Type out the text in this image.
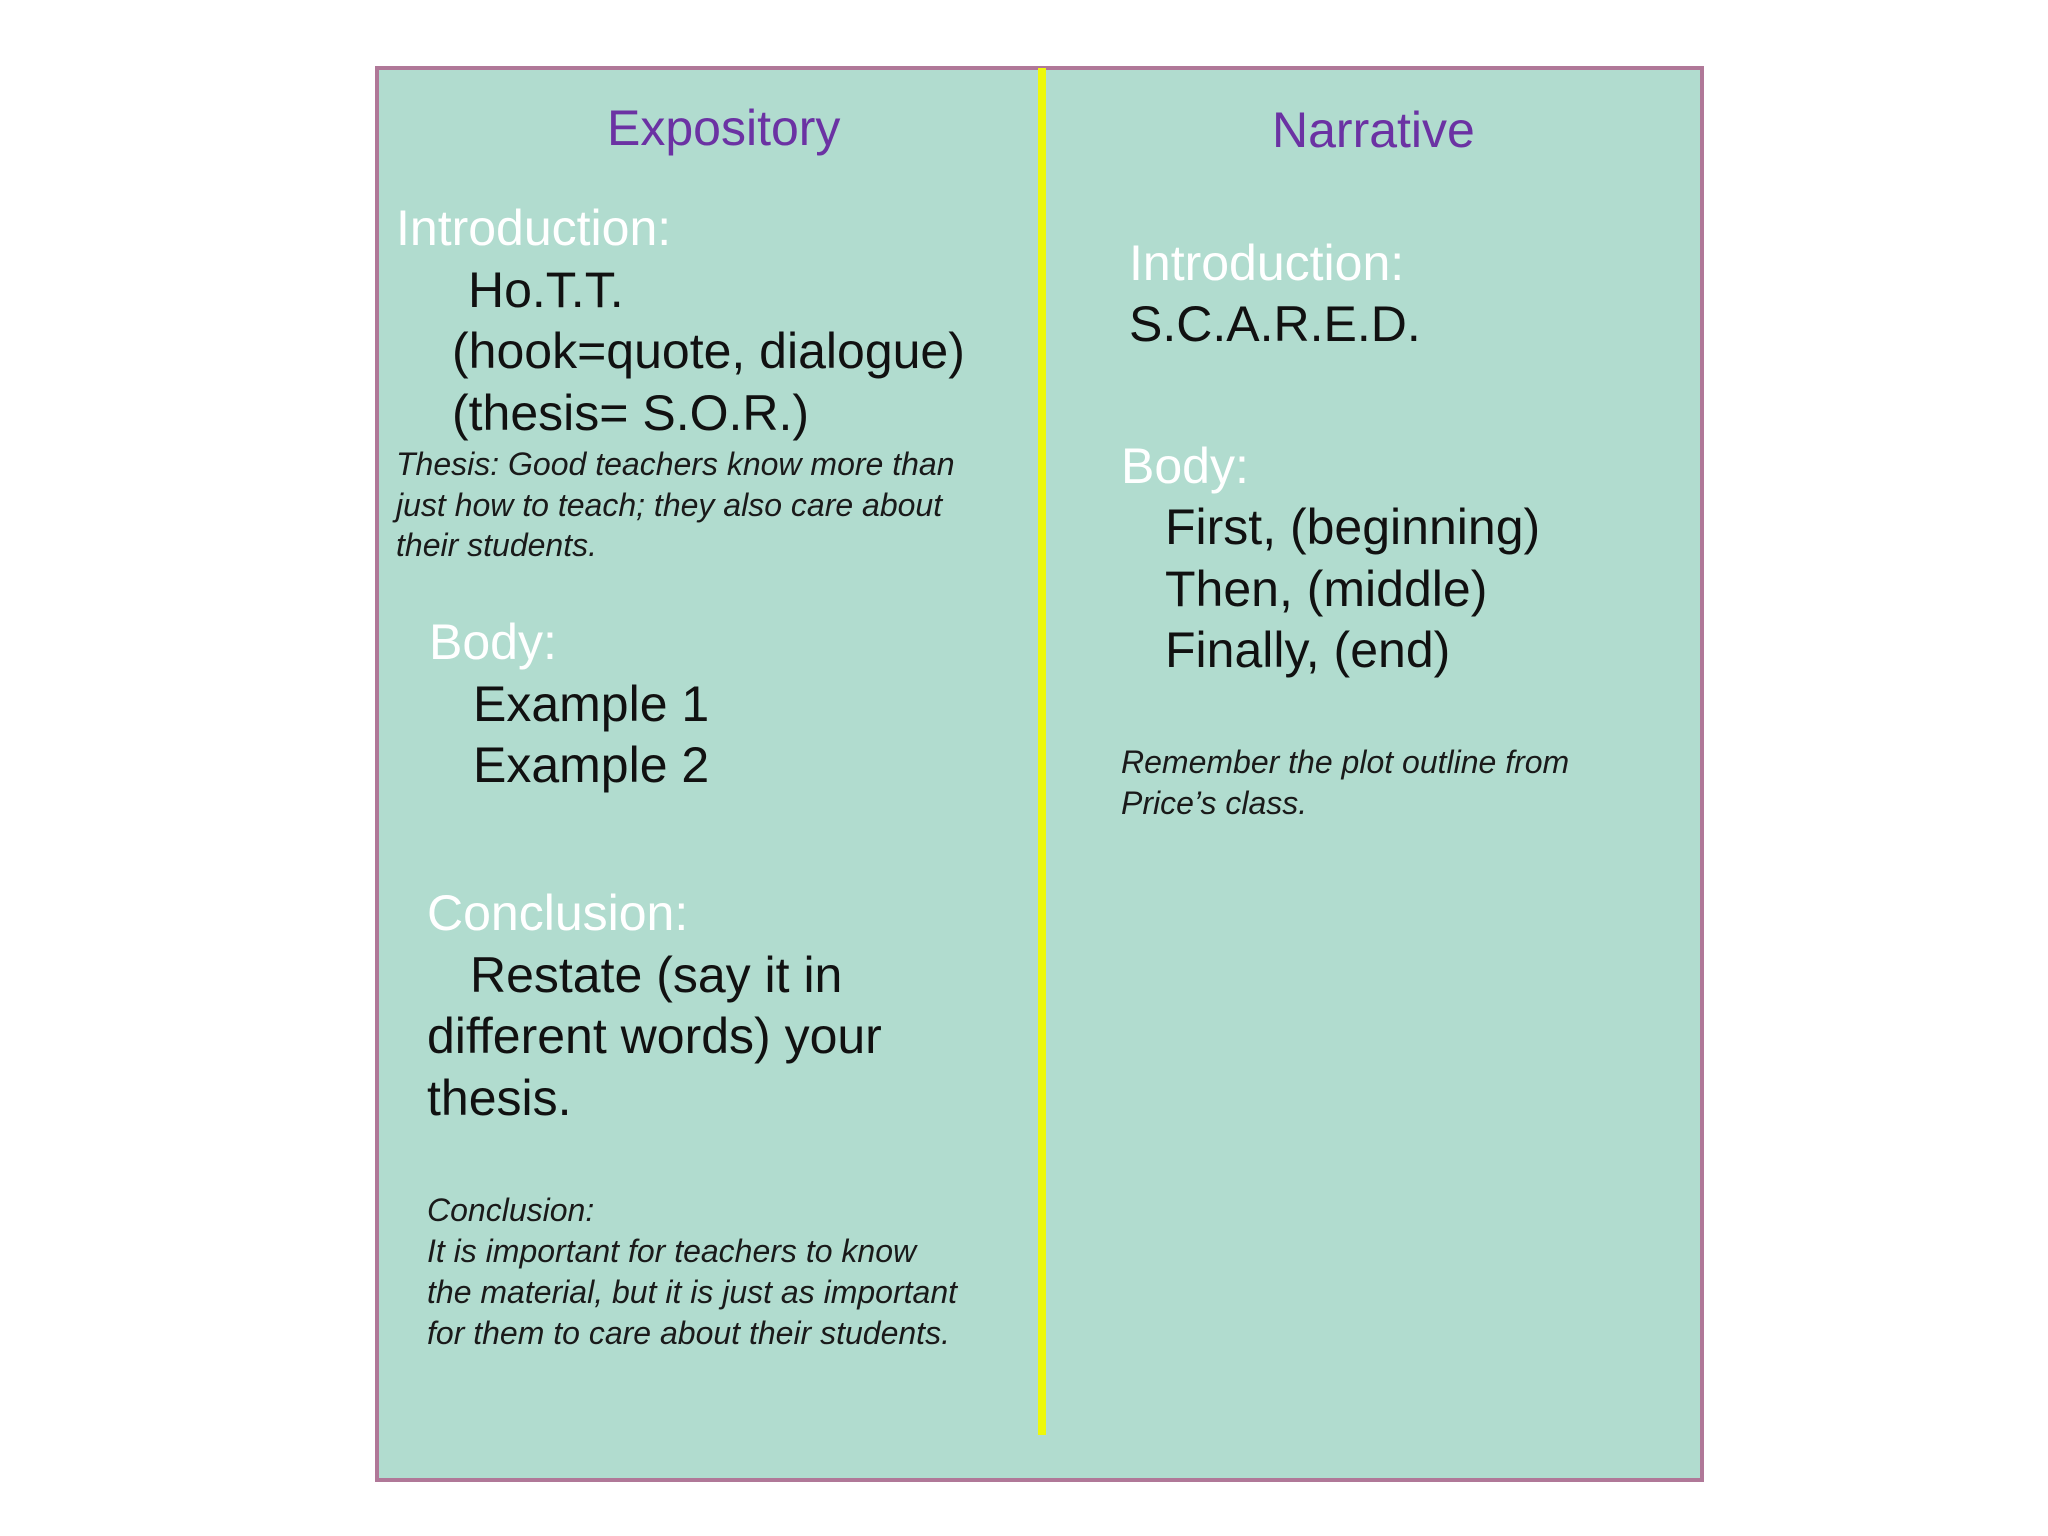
Expository
Introduction:
Ho.T.T.
(hook=quote, dialogue)
(thesis= S.O.R.)
Thesis: Good teachers know more than
just how to teach; they also care about
their students.
Body:
Example 1
Example 2
Conclusion:
Restate (say it in
different words) your
thesis.
Conclusion:
It is important for teachers to know
the material, but it is just as important
for them to care about their students.
Narrative
Introduction:
S.C.A.R.E.D.
Body:
First, (beginning)
Then, (middle)
Finally, (end)
Remember the plot outline from
Price’s class.
